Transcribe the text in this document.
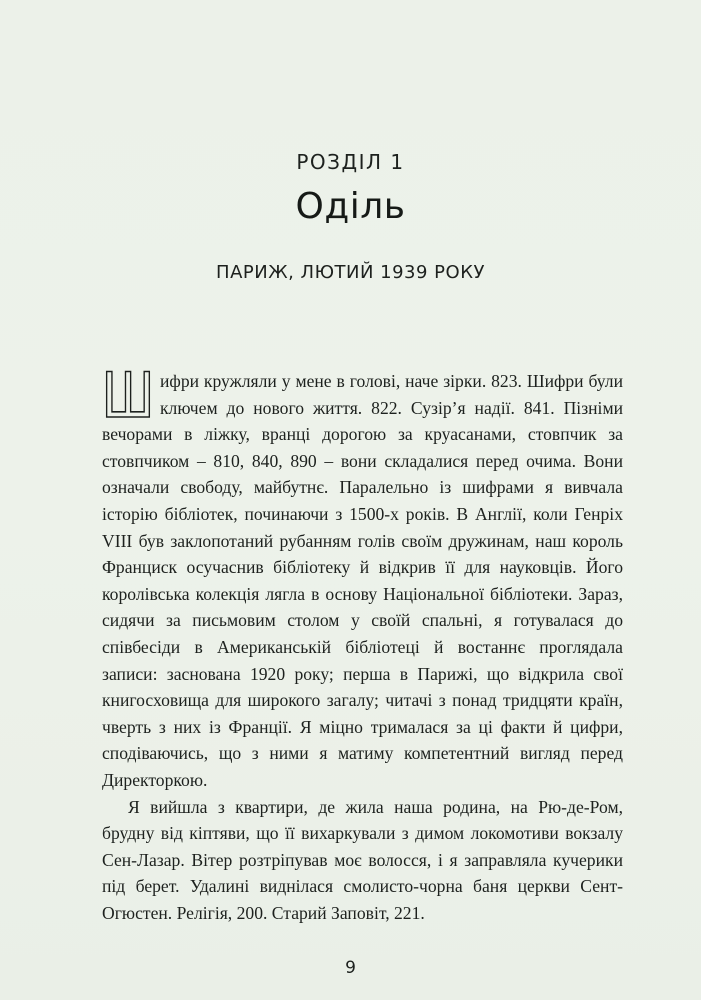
РОЗДІЛ 1
Оділь
ПАРИЖ, ЛЮТИЙ 1939 РОКУ

Ш ифри кружляли у мене в голові, наче зірки. 823. Шифри були ключем до нового життя. 822. Сузір’я надії. 841. Пізніми вечорами в ліжку, вранці дорогою за круасанами, стовпчик за стовпчиком – 810, 840, 890 – вони складалися перед очима. Вони означали свободу, майбутнє. Паралельно із шифрами я вивчала історію бібліотек, починаючи з 1500-х років. В Англії, коли Генріх VIII був заклопотаний рубанням голів своїм дружинам, наш король Франциск осучаснив бібліотеку й відкрив її для науковців. Його королівська колекція лягла в основу Національної бібліотеки. Зараз, сидячи за письмовим столом у своїй спальні, я готувалася до співбесіди в Американській бібліотеці й востаннє проглядала записи: заснована 1920 року; перша в Парижі, що відкрила свої книгосховища для широкого загалу; читачі з понад тридцяти країн, чверть з них із Франції. Я міцно трималася за ці факти й цифри, сподіваючись, що з ними я матиму компетентний вигляд перед Директоркою.

Я вийшла з квартири, де жила наша родина, на Рю-де-Ром, брудну від кіптяви, що її вихаркували з димом локомотиви вокзалу Сен-Лазар. Вітер розтріпував моє волосся, і я заправляла кучерики під берет. Удалині виднілася смолисто-чорна баня церкви Сент-Огюстен. Релігія, 200. Старий Заповіт, 221.

9
